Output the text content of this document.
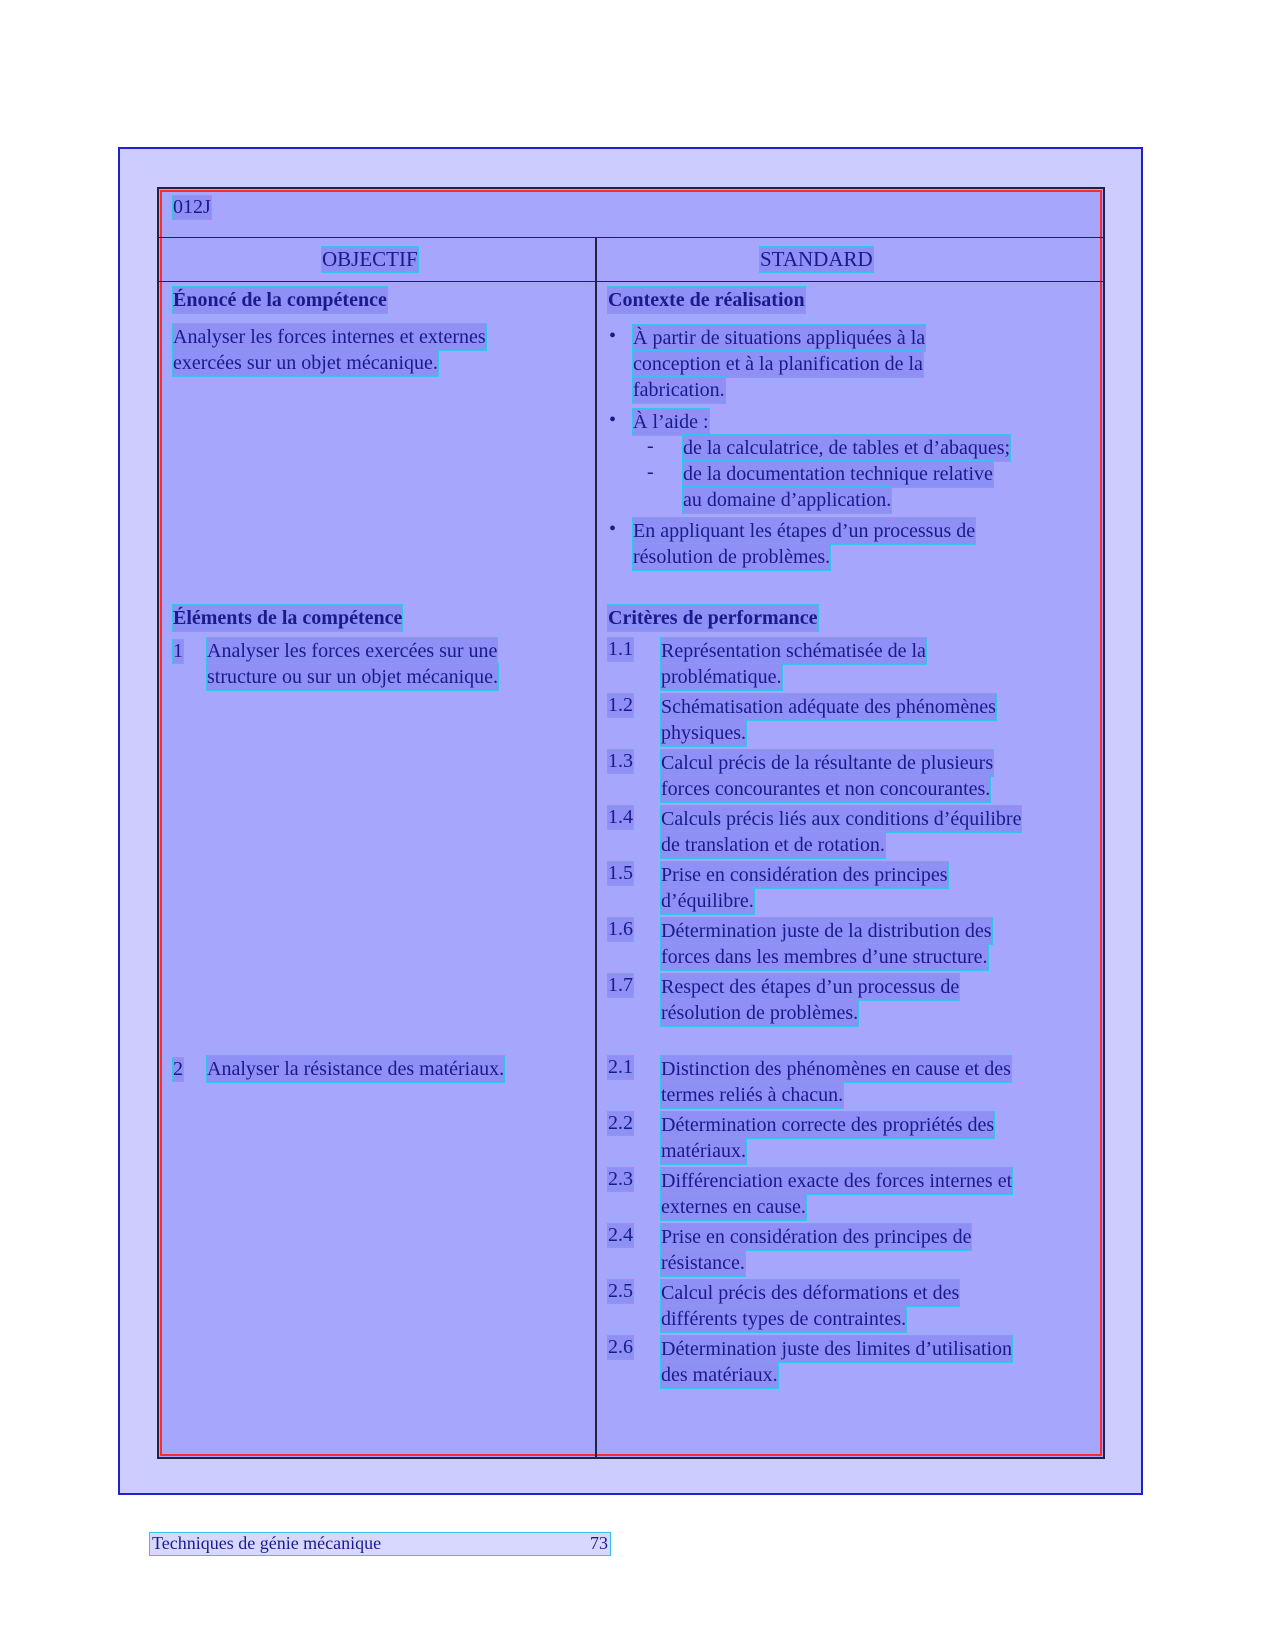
012J
OBJECTIF	STANDARD
Énoncé de la compétence
Analyser les forces internes et externes
exercées sur un objet mécanique.
Éléments de la compétence
1 Analyser les forces exercées sur une
structure ou sur un objet mécanique.
2 Analyser la résistance des matériaux.
Contexte de réalisation
• À partir de situations appliquées à la
conception et à la planification de la
fabrication.
• À l’aide :
- de la calculatrice, de tables et d’abaques;
- de la documentation technique relative
au domaine d’application.
• En appliquant les étapes d’un processus de
résolution de problèmes.
Critères de performance
1.1 Représentation schématisée de la
problématique.
1.2 Schématisation adéquate des phénomènes
physiques.
1.3 Calcul précis de la résultante de plusieurs
forces concourantes et non concourantes.
1.4 Calculs précis liés aux conditions d’équilibre
de translation et de rotation.
1.5 Prise en considération des principes
d’équilibre.
1.6 Détermination juste de la distribution des
forces dans les membres d’une structure.
1.7 Respect des étapes d’un processus de
résolution de problèmes.
2.1 Distinction des phénomènes en cause et des
termes reliés à chacun.
2.2 Détermination correcte des propriétés des
matériaux.
2.3 Différenciation exacte des forces internes et
externes en cause.
2.4 Prise en considération des principes de
résistance.
2.5 Calcul précis des déformations et des
différents types de contraintes.
2.6 Détermination juste des limites d’utilisation
des matériaux.
Techniques de génie mécanique	73
